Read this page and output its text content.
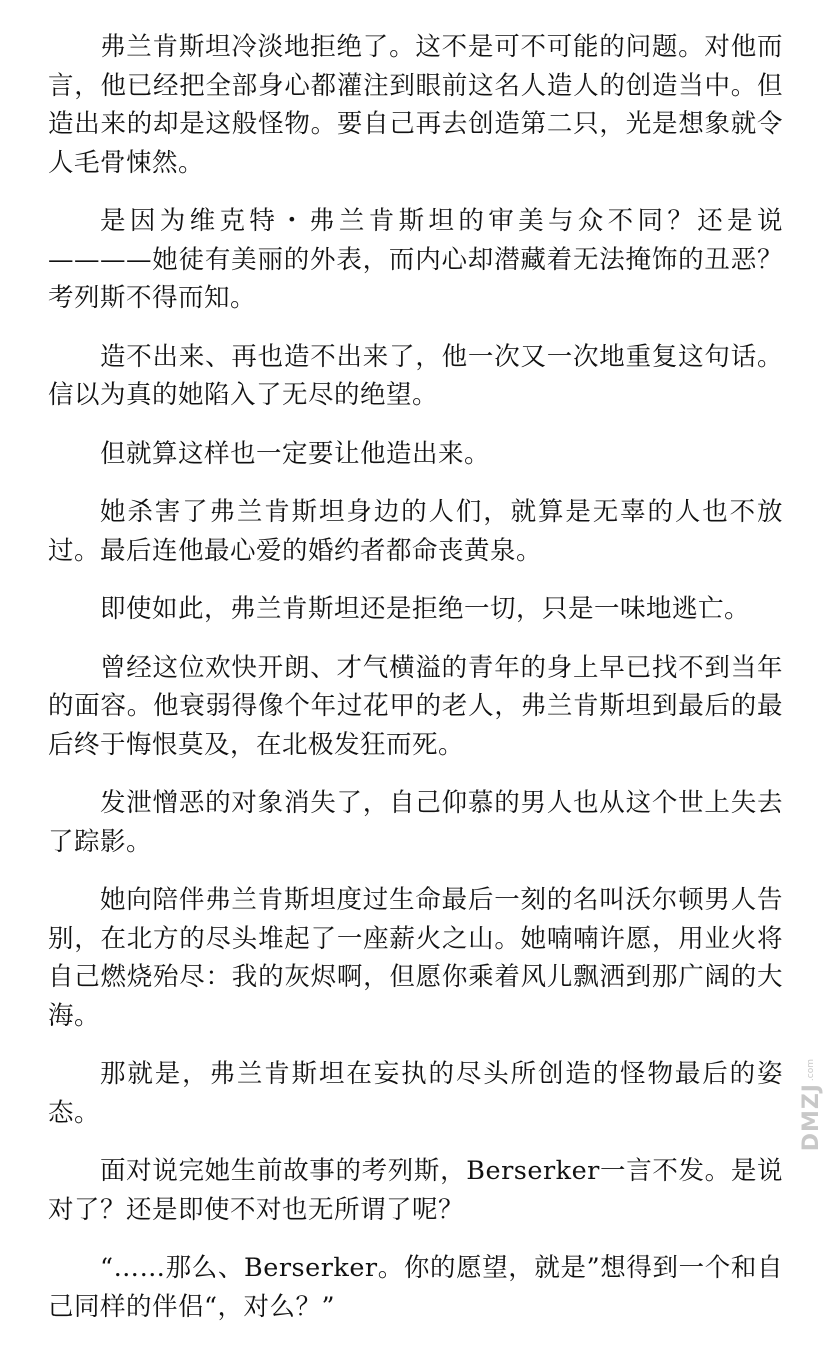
弗兰肯斯坦冷淡地拒绝了。这不是可不可能的问题。对他而言，他已经把全部身心都灌注到眼前这名人造人的创造当中。但造出来的却是这般怪物。要自己再去创造第二只，光是想象就令人毛骨悚然。

是因为维克特・弗兰肯斯坦的审美与众不同？还是说————她徒有美丽的外表，而内心却潜藏着无法掩饰的丑恶？考列斯不得而知。

造不出来、再也造不出来了，他一次又一次地重复这句话。信以为真的她陷入了无尽的绝望。

但就算这样也一定要让他造出来。

她杀害了弗兰肯斯坦身边的人们，就算是无辜的人也不放过。最后连他最心爱的婚约者都命丧黄泉。

即使如此，弗兰肯斯坦还是拒绝一切，只是一味地逃亡。

曾经这位欢快开朗、才气横溢的青年的身上早已找不到当年的面容。他衰弱得像个年过花甲的老人，弗兰肯斯坦到最后的最后终于悔恨莫及，在北极发狂而死。

发泄憎恶的对象消失了，自己仰慕的男人也从这个世上失去了踪影。

她向陪伴弗兰肯斯坦度过生命最后一刻的名叫沃尔顿男人告别，在北方的尽头堆起了一座薪火之山。她喃喃许愿，用业火将自己燃烧殆尽：我的灰烬啊，但愿你乘着风儿飘洒到那广阔的大海。

那就是，弗兰肯斯坦在妄执的尽头所创造的怪物最后的姿态。

面对说完她生前故事的考列斯，Berserker一言不发。是说对了？还是即使不对也无所谓了呢？

“……那么、Berserker。你的愿望，就是”想得到一个和自己同样的伴侣“，对么？”

.com
DMZJ
